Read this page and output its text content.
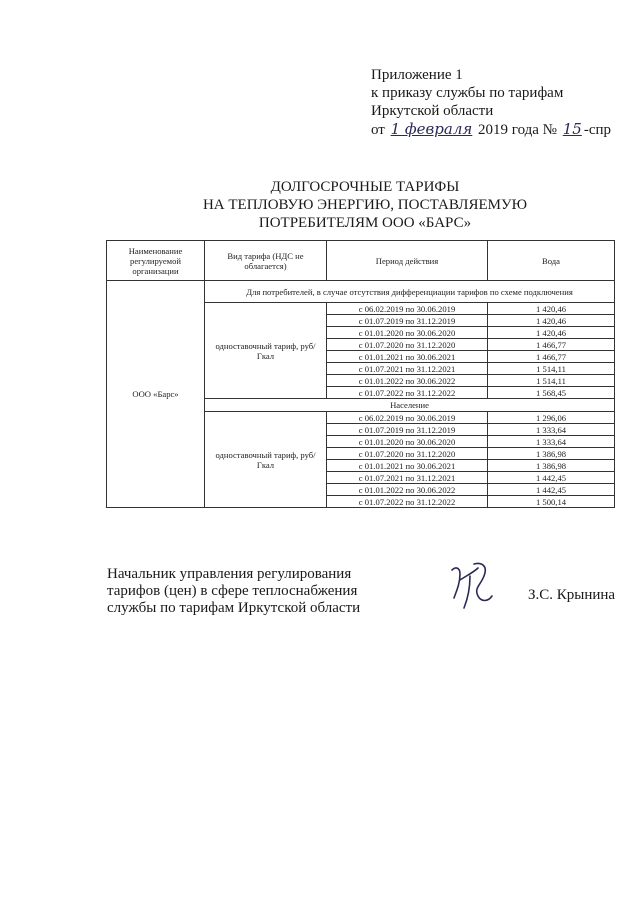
Приложение 1
к приказу службы по тарифам
Иркутской области
от 1 февраля 2019 года № 15 -спр
ДОЛГОСРОЧНЫЕ ТАРИФЫ
НА ТЕПЛОВУЮ ЭНЕРГИЮ, ПОСТАВЛЯЕМУЮ
ПОТРЕБИТЕЛЯМ ООО «БАРС»
Наименование регулируемой организации	Вид тарифа (НДС не облагается)	Период действия	Вода
ООО «Барс»	Для потребителей, в случае отсутствия дифференциации тарифов по схеме подключения		
	одноставочный тариф, руб/Гкал	с 06.02.2019 по 30.06.2019	1 420,46
		с 01.07.2019 по 31.12.2019	1 420,46
		с 01.01.2020 по 30.06.2020	1 420,46
		с 01.07.2020 по 31.12.2020	1 466,77
		с 01.01.2021 по 30.06.2021	1 466,77
		с 01.07.2021 по 31.12.2021	1 514,11
		с 01.01.2022 по 30.06.2022	1 514,11
		с 01.07.2022 по 31.12.2022	1 568,45
	Население		
	одноставочный тариф, руб/Гкал	с 06.02.2019 по 30.06.2019	1 296,06
		с 01.07.2019 по 31.12.2019	1 333,64
		с 01.01.2020 по 30.06.2020	1 333,64
		с 01.07.2020 по 31.12.2020	1 386,98
		с 01.01.2021 по 30.06.2021	1 386,98
		с 01.07.2021 по 31.12.2021	1 442,45
		с 01.01.2022 по 30.06.2022	1 442,45
		с 01.07.2022 по 31.12.2022	1 500,14
Начальник управления регулирования
тарифов (цен) в сфере теплоснабжения
службы по тарифам Иркутской области
З.С. Крынина
